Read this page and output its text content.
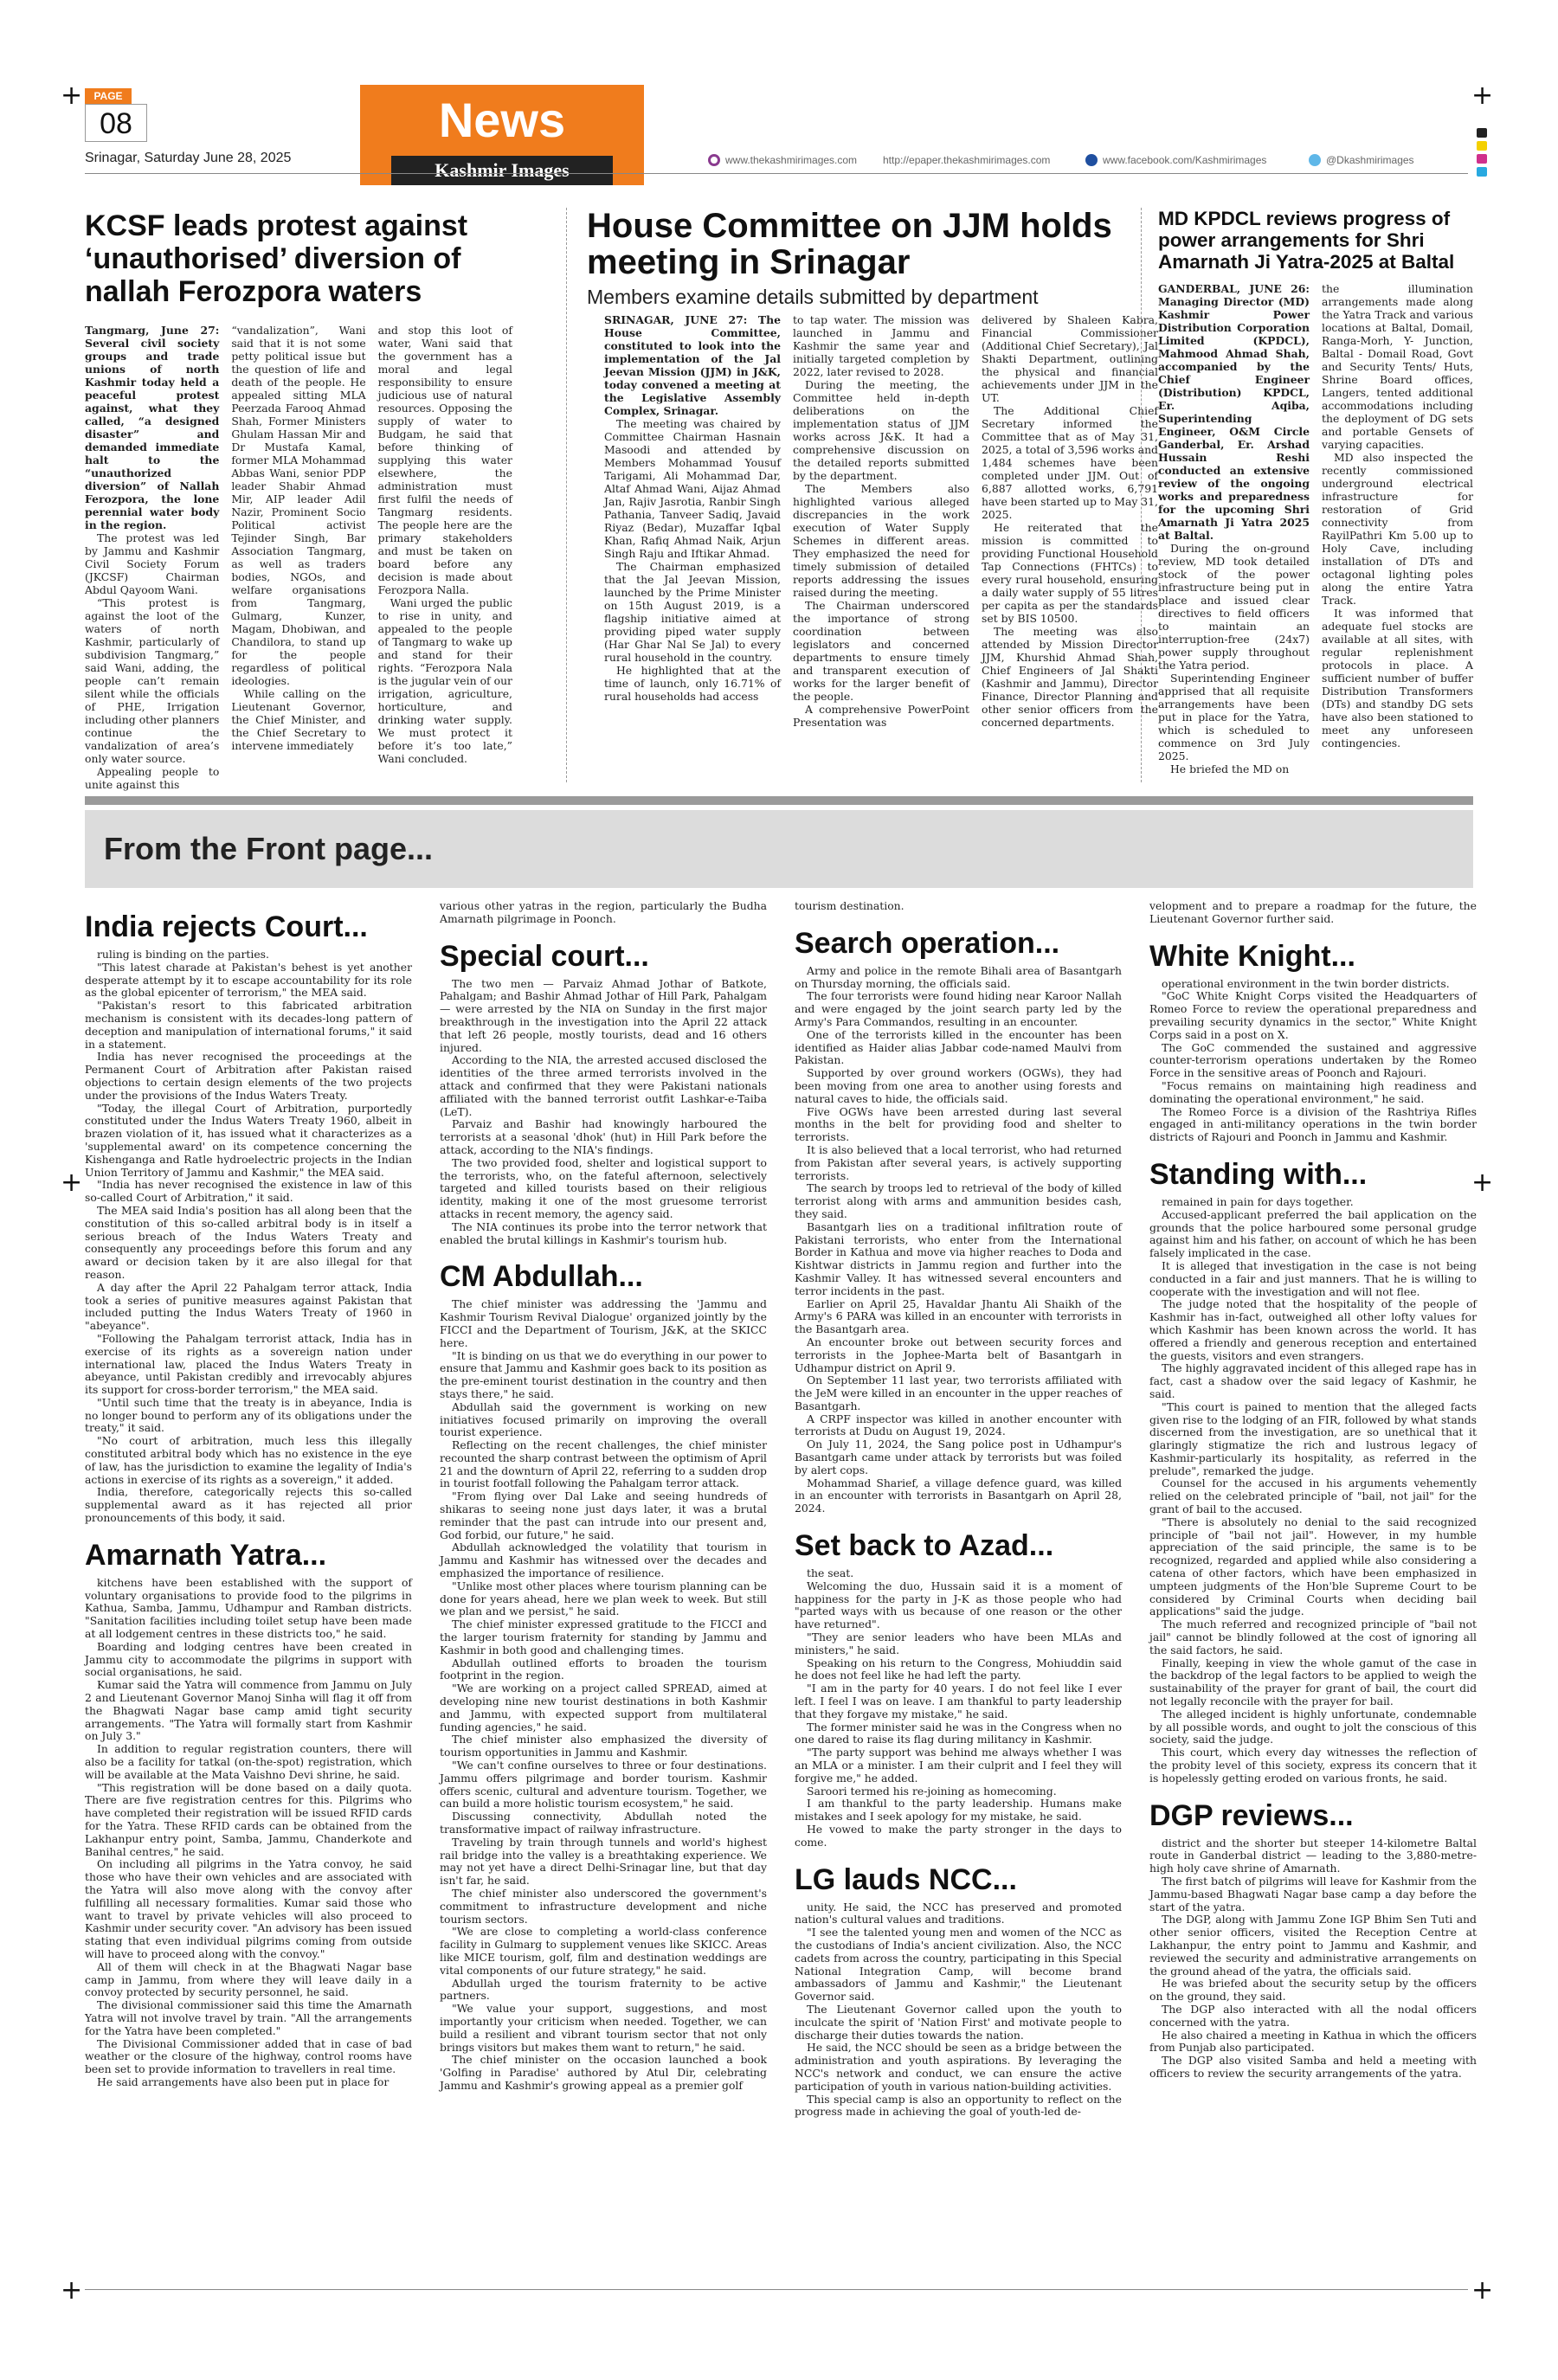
+	+
+	+
+	+
PAGE
08
Srinagar, Saturday June 28, 2025
News
Kashmir Images	www.thekashmirimages.com http://epaper.thekashmirimages.com	www.facebook.com/Kashmirimages	@Dkashmirimages
KCSF leads protest against ‘unauthorised’ diversion of nallah Ferozpora waters

Tangmarg, June 27: Several civil society groups and trade unions of north Kashmir today held a peaceful protest against, what they called, “a designed disaster” and demanded immediate halt to the “unauthorized diversion” of Nallah Ferozpora, the lone perennial water body in the region.

The protest was led by Jammu and Kashmir Civil Society Forum (JKCSF) Chairman Abdul Qayoom Wani.

“This protest is against the loot of the waters of north Kashmir, particularly of subdivision Tangmarg,” said Wani, adding, the people can’t remain silent while the officials of PHE, Irrigation including other planners continue the vandalization of area’s only water source.

Appealing people to unite against this

“vandalization”, Wani said that it is not some petty political issue but the question of life and death of the people. He appealed sitting MLA Peerzada Farooq Ahmad Shah, Former Ministers Ghulam Hassan Mir and Dr Mustafa Kamal, former MLA Mohammad Abbas Wani, senior PDP leader Shabir Ahmad Mir, AIP leader Adil Nazir, Prominent Socio Political activist Tejinder Singh, Bar Association Tangmarg, as well as traders bodies, NGOs, and welfare organisations from Tangmarg, Gulmarg, Kunzer, Magam, Dhobiwan, and Chandilora, to stand up for the people regardless of political ideologies.

While calling on the Lieutenant Governor, the Chief Minister, and the Chief Secretary to intervene immediately

and stop this loot of water, Wani said that the government has a moral and legal responsibility to ensure judicious use of natural resources. Opposing the supply of water to Budgam, he said that before thinking of supplying this water elsewhere, the administration must first fulfil the needs of Tangmarg residents. The people here are the primary stakeholders and must be taken on board before any decision is made about Ferozpora Nalla.

Wani urged the public to rise in unity, and appealed to the people of Tangmarg to wake up and stand for their rights. “Ferozpora Nala is the jugular vein of our irrigation, agriculture, horticulture, and drinking water supply. We must protect it before it’s too late,” Wani concluded.

House Committee on JJM holds meeting in Srinagar
Members examine details submitted by department

SRINAGAR, JUNE 27: The House Committee, constituted to look into the implementation of the Jal Jeevan Mission (JJM) in J&K, today convened a meeting at the Legislative Assembly Complex, Srinagar.

The meeting was chaired by Committee Chairman Hasnain Masoodi and attended by Members Mohammad Yousuf Tarigami, Ali Mohammad Dar, Altaf Ahmad Wani, Aijaz Ahmad Jan, Rajiv Jasrotia, Ranbir Singh Pathania, Tanveer Sadiq, Javaid Riyaz (Bedar), Muzaffar Iqbal Khan, Rafiq Ahmad Naik, Arjun Singh Raju and Iftikar Ahmad.

The Chairman emphasized that the Jal Jeevan Mission, launched by the Prime Minister on 15th August 2019, is a flagship initiative aimed at providing piped water supply (Har Ghar Nal Se Jal) to every rural household in the country.

He highlighted that at the time of launch, only 16.71% of rural households had access

to tap water. The mission was launched in Jammu and Kashmir the same year and initially targeted completion by 2022, later revised to 2028.

During the meeting, the Committee held in-depth deliberations on the implementation status of JJM works across J&K. It had a comprehensive discussion on the detailed reports submitted by the department.

The Members also highlighted various alleged discrepancies in the work execution of Water Supply Schemes in different areas. They emphasized the need for timely submission of detailed reports addressing the issues raised during the meeting.

The Chairman underscored the importance of strong coordination between legislators and concerned departments to ensure timely and transparent execution of works for the larger benefit of the people.

A comprehensive PowerPoint Presentation was

delivered by Shaleen Kabra, Financial Commissioner (Additional Chief Secretary), Jal Shakti Department, outlining the physical and financial achievements under JJM in the UT.

The Additional Chief Secretary informed the Committee that as of May 31, 2025, a total of 3,596 works and 1,484 schemes have been completed under JJM. Out of 6,887 allotted works, 6,791 have been started up to May 31, 2025.

He reiterated that the mission is committed to providing Functional Household Tap Connections (FHTCs) to every rural household, ensuring a daily water supply of 55 litres per capita as per the standards set by BIS 10500.

The meeting was also attended by Mission Director JJM, Khurshid Ahmad Shah, Chief Engineers of Jal Shakti (Kashmir and Jammu), Director Finance, Director Planning and other senior officers from the concerned departments.

MD KPDCL reviews progress of power arrangements for Shri Amarnath Ji Yatra-2025 at Baltal

GANDERBAL, JUNE 26: Managing Director (MD) Kashmir Power Distribution Corporation Limited (KPDCL), Mahmood Ahmad Shah, accompanied by the Chief Engineer (Distribution) KPDCL, Er. Aqiba, Superintending Engineer, O&M Circle Ganderbal, Er. Arshad Hussain Reshi conducted an extensive review of the ongoing works and preparedness for the upcoming Shri Amarnath Ji Yatra 2025 at Baltal.

During the on-ground review, MD took detailed stock of the power infrastructure being put in place and issued clear directives to field officers to maintain an interruption-free (24x7) power supply throughout the Yatra period.

Superintending Engineer apprised that all requisite arrangements have been put in place for the Yatra, which is scheduled to commence on 3rd July 2025.

He briefed the MD on

the illumination arrangements made along the Yatra Track and various locations at Baltal, Domail, Ranga-Morh, Y- Junction, Baltal - Domail Road, Govt and Security Tents/ Huts, Shrine Board offices, Langers, tented additional accommodations including the deployment of DG sets and portable Gensets of varying capacities.

MD also inspected the recently commissioned underground electrical infrastructure for restoration of Grid connectivity from RayilPathri Km 5.00 up to Holy Cave, including installation of DTs and octagonal lighting poles along the entire Yatra Track.

It was informed that adequate fuel stocks are available at all sites, with regular replenishment protocols in place. A sufficient number of buffer Distribution Transformers (DTs) and standby DG sets have also been stationed to meet any unforeseen contingencies.

From the Front page...
India rejects Court...

ruling is binding on the parties.

"This latest charade at Pakistan's behest is yet another desperate attempt by it to escape accountability for its role as the global epicenter of terrorism," the MEA said.

"Pakistan's resort to this fabricated arbitration mechanism is consistent with its decades-long pattern of deception and manipulation of international forums," it said in a statement.

India has never recognised the proceedings at the Permanent Court of Arbitration after Pakistan raised objections to certain design elements of the two projects under the provisions of the Indus Waters Treaty.

"Today, the illegal Court of Arbitration, purportedly constituted under the Indus Waters Treaty 1960, albeit in brazen violation of it, has issued what it characterizes as a 'supplemental award' on its competence concerning the Kishenganga and Ratle hydroelectric projects in the Indian Union Territory of Jammu and Kashmir," the MEA said.

"India has never recognised the existence in law of this so-called Court of Arbitration," it said.

The MEA said India's position has all along been that the constitution of this so-called arbitral body is in itself a serious breach of the Indus Waters Treaty and consequently any proceedings before this forum and any award or decision taken by it are also illegal for that reason.

A day after the April 22 Pahalgam terror attack, India took a series of punitive measures against Pakistan that included putting the Indus Waters Treaty of 1960 in "abeyance".

"Following the Pahalgam terrorist attack, India has in exercise of its rights as a sovereign nation under international law, placed the Indus Waters Treaty in abeyance, until Pakistan credibly and irrevocably abjures its support for cross-border terrorism," the MEA said.

"Until such time that the treaty is in abeyance, India is no longer bound to perform any of its obligations under the treaty," it said.

"No court of arbitration, much less this illegally constituted arbitral body which has no existence in the eye of law, has the jurisdiction to examine the legality of India's actions in exercise of its rights as a sovereign," it added.

India, therefore, categorically rejects this so-called supplemental award as it has rejected all prior pronouncements of this body, it said.

Amarnath Yatra...

kitchens have been established with the support of voluntary organisations to provide food to the pilgrims in Kathua, Samba, Jammu, Udhampur and Ramban districts. "Sanitation facilities including toilet setup have been made at all lodgement centres in these districts too," he said.

Boarding and lodging centres have been created in Jammu city to accommodate the pilgrims in support with social organisations, he said.

Kumar said the Yatra will commence from Jammu on July 2 and Lieutenant Governor Manoj Sinha will flag it off from the Bhagwati Nagar base camp amid tight security arrangements. "The Yatra will formally start from Kashmir on July 3."

In addition to regular registration counters, there will also be a facility for tatkal (on-the-spot) registration, which will be available at the Mata Vaishno Devi shrine, he said.

"This registration will be done based on a daily quota. There are five registration centres for this. Pilgrims who have completed their registration will be issued RFID cards for the Yatra. These RFID cards can be obtained from the Lakhanpur entry point, Samba, Jammu, Chanderkote and Banihal centres," he said.

On including all pilgrims in the Yatra convoy, he said those who have their own vehicles and are associated with the Yatra will also move along with the convoy after fulfilling all necessary formalities. Kumar said those who want to travel by private vehicles will also proceed to Kashmir under security cover. "An advisory has been issued stating that even individual pilgrims coming from outside will have to proceed along with the convoy."

All of them will check in at the Bhagwati Nagar base camp in Jammu, from where they will leave daily in a convoy protected by security personnel, he said.

The divisional commissioner said this time the Amarnath Yatra will not involve travel by train. "All the arrangements for the Yatra have been completed."

The Divisional Commissioner added that in case of bad weather or the closure of the highway, control rooms have been set to provide information to travellers in real time.

He said arrangements have also been put in place for

various other yatras in the region, particularly the Budha Amarnath pilgrimage in Poonch.

Special court...

The two men — Parvaiz Ahmad Jothar of Batkote, Pahalgam; and Bashir Ahmad Jothar of Hill Park, Pahalgam — were arrested by the NIA on Sunday in the first major breakthrough in the investigation into the April 22 attack that left 26 people, mostly tourists, dead and 16 others injured.

According to the NIA, the arrested accused disclosed the identities of the three armed terrorists involved in the attack and confirmed that they were Pakistani nationals affiliated with the banned terrorist outfit Lashkar-e-Taiba (LeT).

Parvaiz and Bashir had knowingly harboured the terrorists at a seasonal 'dhok' (hut) in Hill Park before the attack, according to the NIA's findings.

The two provided food, shelter and logistical support to the terrorists, who, on the fateful afternoon, selectively targeted and killed tourists based on their religious identity, making it one of the most gruesome terrorist attacks in recent memory, the agency said.

The NIA continues its probe into the terror network that enabled the brutal killings in Kashmir's tourism hub.

CM Abdullah...

The chief minister was addressing the 'Jammu and Kashmir Tourism Revival Dialogue' organized jointly by the FICCI and the Department of Tourism, J&K, at the SKICC here.

"It is binding on us that we do everything in our power to ensure that Jammu and Kashmir goes back to its position as the pre-eminent tourist destination in the country and then stays there," he said.

Abdullah said the government is working on new initiatives focused primarily on improving the overall tourist experience.

Reflecting on the recent challenges, the chief minister recounted the sharp contrast between the optimism of April 21 and the downturn of April 22, referring to a sudden drop in tourist footfall following the Pahalgam terror attack.

"From flying over Dal Lake and seeing hundreds of shikaras to seeing none just days later, it was a brutal reminder that the past can intrude into our present and, God forbid, our future," he said.

Abdullah acknowledged the volatility that tourism in Jammu and Kashmir has witnessed over the decades and emphasized the importance of resilience.

"Unlike most other places where tourism planning can be done for years ahead, here we plan week to week. But still we plan and we persist," he said.

The chief minister expressed gratitude to the FICCI and the larger tourism fraternity for standing by Jammu and Kashmir in both good and challenging times.

Abdullah outlined efforts to broaden the tourism footprint in the region.

"We are working on a project called SPREAD, aimed at developing nine new tourist destinations in both Kashmir and Jammu, with expected support from multilateral funding agencies," he said.

The chief minister also emphasized the diversity of tourism opportunities in Jammu and Kashmir.

"We can't confine ourselves to three or four destinations. Jammu offers pilgrimage and border tourism. Kashmir offers scenic, cultural and adventure tourism. Together, we can build a more holistic tourism ecosystem," he said.

Discussing connectivity, Abdullah noted the transformative impact of railway infrastructure.

Traveling by train through tunnels and world's highest rail bridge into the valley is a breathtaking experience. We may not yet have a direct Delhi-Srinagar line, but that day isn't far, he said.

The chief minister also underscored the government's commitment to infrastructure development and niche tourism sectors.

"We are close to completing a world-class conference facility in Gulmarg to supplement venues like SKICC. Areas like MICE tourism, golf, film and destination weddings are vital components of our future strategy," he said.

Abdullah urged the tourism fraternity to be active partners.

"We value your support, suggestions, and most importantly your criticism when needed. Together, we can build a resilient and vibrant tourism sector that not only brings visitors but makes them want to return," he said.

The chief minister on the occasion launched a book 'Golfing in Paradise' authored by Atul Dir, celebrating Jammu and Kashmir's growing appeal as a premier golf

tourism destination.

Search operation...

Army and police in the remote Bihali area of Basantgarh on Thursday morning, the officials said.

The four terrorists were found hiding near Karoor Nallah and were engaged by the joint search party led by the Army's Para Commandos, resulting in an encounter.

One of the terrorists killed in the encounter has been identified as Haider alias Jabbar code-named Maulvi from Pakistan.

Supported by over ground workers (OGWs), they had been moving from one area to another using forests and natural caves to hide, the officials said.

Five OGWs have been arrested during last several months in the belt for providing food and shelter to terrorists.

It is also believed that a local terrorist, who had returned from Pakistan after several years, is actively supporting terrorists.

The search by troops led to retrieval of the body of killed terrorist along with arms and ammunition besides cash, they said.

Basantgarh lies on a traditional infiltration route of Pakistani terrorists, who enter from the International Border in Kathua and move via higher reaches to Doda and Kishtwar districts in Jammu region and further into the Kashmir Valley. It has witnessed several encounters and terror incidents in the past.

Earlier on April 25, Havaldar Jhantu Ali Shaikh of the Army's 6 PARA was killed in an encounter with terrorists in the Basantgarh area.

An encounter broke out between security forces and terrorists in the Jophee-Marta belt of Basantgarh in Udhampur district on April 9.

On September 11 last year, two terrorists affiliated with the JeM were killed in an encounter in the upper reaches of Basantgarh.

A CRPF inspector was killed in another encounter with terrorists at Dudu on August 19, 2024.

On July 11, 2024, the Sang police post in Udhampur's Basantgarh came under attack by terrorists but was foiled by alert cops.

Mohammad Sharief, a village defence guard, was killed in an encounter with terrorists in Basantgarh on April 28, 2024.

Set back to Azad...

the seat.

Welcoming the duo, Hussain said it is a moment of happiness for the party in J-K as those people who had "parted ways with us because of one reason or the other have returned".

"They are senior leaders who have been MLAs and ministers," he said.

Speaking on his return to the Congress, Mohiuddin said he does not feel like he had left the party.

"I am in the party for 40 years. I do not feel like I ever left. I feel I was on leave. I am thankful to party leadership that they forgave my mistake," he said.

The former minister said he was in the Congress when no one dared to raise its flag during militancy in Kashmir.

"The party support was behind me always whether I was an MLA or a minister. I am their culprit and I feel they will forgive me," he added.

Saroori termed his re-joining as homecoming.

I am thankful to the party leadership. Humans make mistakes and I seek apology for my mistake, he said.

He vowed to make the party stronger in the days to come.

LG lauds NCC...

unity. He said, the NCC has preserved and promoted nation's cultural values and traditions.

"I see the talented young men and women of the NCC as the custodians of India's ancient civilization. Also, the NCC cadets from across the country, participating in this Special National Integration Camp, will become brand ambassadors of Jammu and Kashmir," the Lieutenant Governor said.

The Lieutenant Governor called upon the youth to inculcate the spirit of 'Nation First' and motivate people to discharge their duties towards the nation.

He said, the NCC should be seen as a bridge between the administration and youth aspirations. By leveraging the NCC's network and conduct, we can ensure the active participation of youth in various nation-building activities.

This special camp is also an opportunity to reflect on the progress made in achieving the goal of youth-led de-

velopment and to prepare a roadmap for the future, the Lieutenant Governor further said.

White Knight...

operational environment in the twin border districts.

"GoC White Knight Corps visited the Headquarters of Romeo Force to review the operational preparedness and prevailing security dynamics in the sector," White Knight Corps said in a post on X.

The GoC commended the sustained and aggressive counter-terrorism operations undertaken by the Romeo Force in the sensitive areas of Poonch and Rajouri.

"Focus remains on maintaining high readiness and dominating the operational environment," he said.

The Romeo Force is a division of the Rashtriya Rifles engaged in anti-militancy operations in the twin border districts of Rajouri and Poonch in Jammu and Kashmir.

Standing with...

remained in pain for days together.

Accused-applicant preferred the bail application on the grounds that the police harboured some personal grudge against him and his father, on account of which he has been falsely implicated in the case.

It is alleged that investigation in the case is not being conducted in a fair and just manners. That he is willing to cooperate with the investigation and will not flee.

The judge noted that the hospitality of the people of Kashmir has in-fact, outweighed all other lofty values for which Kashmir has been known across the world. It has offered a friendly and generous reception and entertained the guests, visitors and even strangers.

The highly aggravated incident of this alleged rape has in fact, cast a shadow over the said legacy of Kashmir, he said.

"This court is pained to mention that the alleged facts given rise to the lodging of an FIR, followed by what stands discerned from the investigation, are so unethical that it glaringly stigmatize the rich and lustrous legacy of Kashmir-particularly its hospitality, as referred in the prelude", remarked the judge.

Counsel for the accused in his arguments vehemently relied on the celebrated principle of "bail, not jail" for the grant of bail to the accused.

"There is absolutely no denial to the said recognized principle of "bail not jail". However, in my humble appreciation of the said principle, the same is to be recognized, regarded and applied while also considering a catena of other factors, which have been emphasized in umpteen judgments of the Hon'ble Supreme Court to be considered by Criminal Courts when deciding bail applications" said the judge.

The much referred and recognized principle of "bail not jail" cannot be blindly followed at the cost of ignoring all the said factors, he said.

Finally, keeping in view the whole gamut of the case in the backdrop of the legal factors to be applied to weigh the sustainability of the prayer for grant of bail, the court did not legally reconcile with the prayer for bail.

The alleged incident is highly unfortunate, condemnable by all possible words, and ought to jolt the conscious of this society, said the judge.

This court, which every day witnesses the reflection of the probity level of this society, express its concern that it is hopelessly getting eroded on various fronts, he said.

DGP reviews...

district and the shorter but steeper 14-kilometre Baltal route in Ganderbal district — leading to the 3,880-metre-high holy cave shrine of Amarnath.

The first batch of pilgrims will leave for Kashmir from the Jammu-based Bhagwati Nagar base camp a day before the start of the yatra.

The DGP, along with Jammu Zone IGP Bhim Sen Tuti and other senior officers, visited the Reception Centre at Lakhanpur, the entry point to Jammu and Kashmir, and reviewed the security and administrative arrangements on the ground ahead of the yatra, the officials said.

He was briefed about the security setup by the officers on the ground, they said.

The DGP also interacted with all the nodal officers concerned with the yatra.

He also chaired a meeting in Kathua in which the officers from Punjab also participated.

The DGP also visited Samba and held a meeting with officers to review the security arrangements of the yatra.
